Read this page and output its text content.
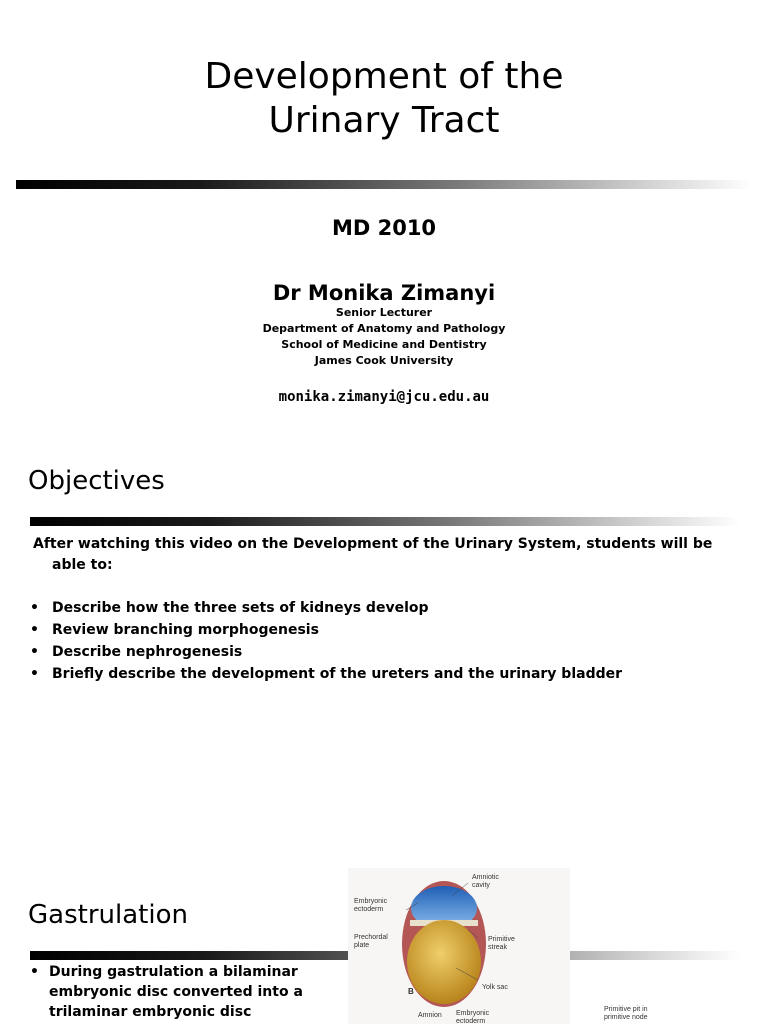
Development of the
Urinary Tract
MD 2010
Dr Monika Zimanyi
Senior Lecturer
Department of Anatomy and Pathology
School of Medicine and Dentistry
James Cook University
monika.zimanyi@jcu.edu.au
Objectives
After watching this video on the Development of the Urinary System, students will be
able to:
• Describe how the three sets of kidneys develop
• Review branching morphogenesis
• Describe nephrogenesis
• Briefly describe the development of the ureters and the urinary bladder
Gastrulation
• During gastrulation a bilaminar
embryonic disc converted into a
trilaminar embryonic disc
Amniotic cavity
Embryonic ectoderm
Prechordal plate
Primitive streak
Yolk sac
B
Amnion Embryonic ectoderm
Primitive pit in primitive node
